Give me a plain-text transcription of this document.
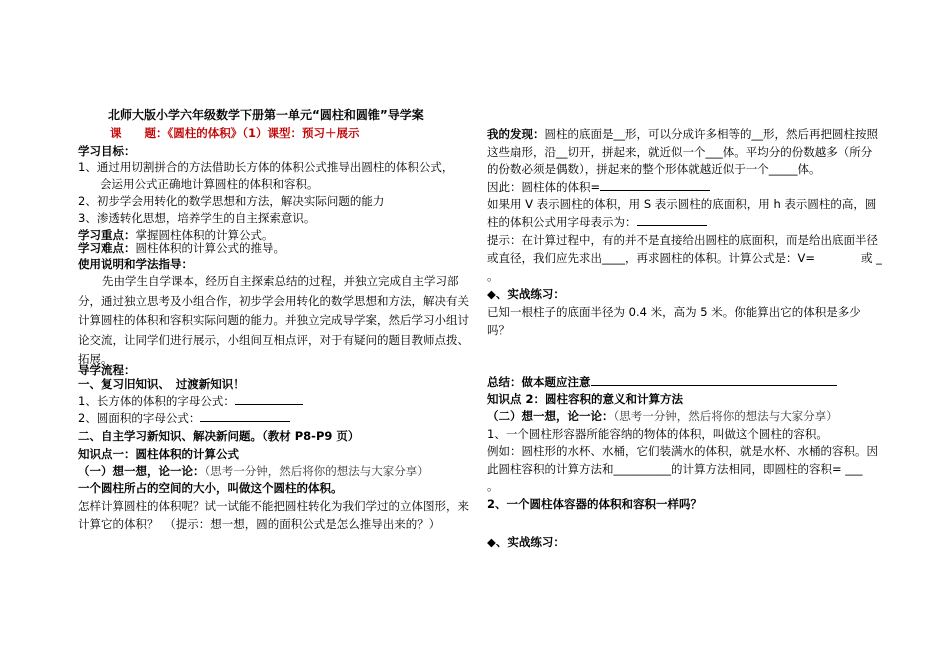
北师大版小学六年级数学下册第一单元“圆柱和圆锥”导学案
课　　题：《圆柱的体积》（1）课型：预习＋展示
学习目标：
1、通过用切割拼合的方法借助长方体的体积公式推导出圆柱的体积公式，
会运用公式正确地计算圆柱的体积和容积。
2、初步学会用转化的数学思想和方法，解决实际问题的能力
3、渗透转化思想，培养学生的自主探索意识。
学习重点：掌握圆柱体积的计算公式。
学习难点：圆柱体积的计算公式的推导。
使用说明和学法指导：
先由学生自学课本，经历自主探索总结的过程，并独立完成自主学习部分，通过独立思考及小组合作，初步学会用转化的数学思想和方法，解决有关计算圆柱的体积和容积实际问题的能力。并独立完成导学案，然后学习小组讨论交流，让同学们进行展示，小组间互相点评，对于有疑问的题目教师点拨、拓展。
导学流程：
一、复习旧知识、　过渡新知识！
1、长方体的体积的字母公式：
2、圆面积的字母公式：
二、自主学习新知识、解决新问题。（教材 P8-P9 页）
知识点一：圆柱体积的计算公式
（一）想一想，论一论：（思考一分钟，然后将你的想法与大家分享）
一个圆柱所占的空间的大小，叫做这个圆柱的体积。
怎样计算圆柱的体积呢？试一试能不能把圆柱转化为我们学过的立体图形，来计算它的体积？　（提示：想一想，圆的面积公式是怎么推导出来的？）
我的发现：圆柱的底面是__形，可以分成许多相等的__形，然后再把圆柱按照这些扇形，沿__切开，拼起来，就近似一个___体。平均分的份数越多（所分的份数必须是偶数），拼起来的整个形体就越近似于一个_____体。
因此：圆柱体的体积=
如果用 V 表示圆柱的体积，用 S 表示圆柱的底面积，用 h 表示圆柱的高，圆柱的体积公式用字母表示为：
提示：在计算过程中，有的并不是直接给出圆柱的底面积，而是给出底面半径或直径，我们应先求出____，再求圆柱的体积。计算公式是：V=　　　　或 _
。
◆、实战练习：
已知一根柱子的底面半径为 0.4 米，高为 5 米。你能算出它的体积是多少吗？
总结：做本题应注意
知识点 2：圆柱容积的意义和计算方法
（二）想一想，论一论：（思考一分钟，然后将你的想法与大家分享）
1、一个圆柱形容器所能容纳的物体的体积，叫做这个圆柱的容积。
例如：圆柱形的水杯、水桶，它们装满水的体积，就是水杯、水桶的容积。因此圆柱容积的计算方法和__________的计算方法相同，即圆柱的容积= ___
。
2、一个圆柱体容器的体积和容积一样吗？
◆、实战练习：
